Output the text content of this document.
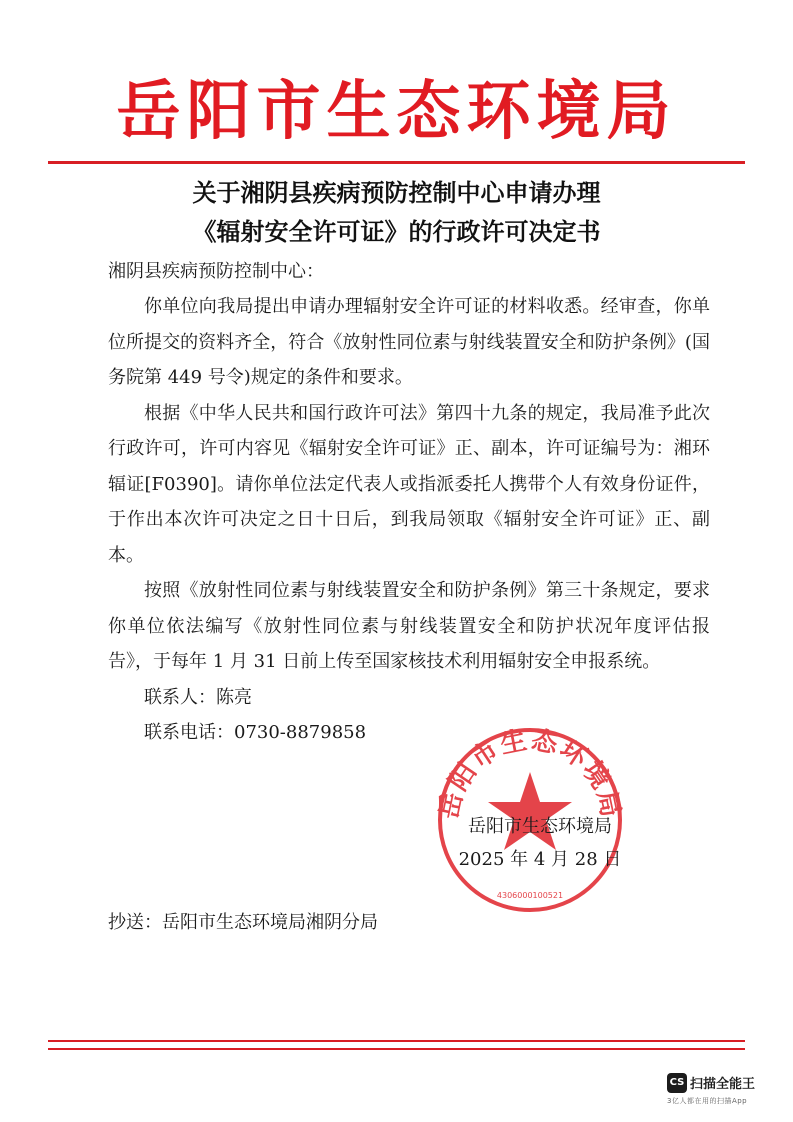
岳阳市生态环境局
关于湘阴县疾病预防控制中心申请办理
《辐射安全许可证》的行政许可决定书
湘阴县疾病预防控制中心：

你单位向我局提出申请办理辐射安全许可证的材料收悉。经审查，你单位所提交的资料齐全，符合《放射性同位素与射线装置安全和防护条例》(国务院第 449 号令)规定的条件和要求。

根据《中华人民共和国行政许可法》第四十九条的规定，我局准予此次行政许可，许可内容见《辐射安全许可证》正、副本，许可证编号为：湘环辐证[F0390]。请你单位法定代表人或指派委托人携带个人有效身份证件，于作出本次许可决定之日十日后，到我局领取《辐射安全许可证》正、副本。

按照《放射性同位素与射线装置安全和防护条例》第三十条规定，要求你单位依法编写《放射性同位素与射线装置安全和防护状况年度评估报告》，于每年 1 月 31 日前上传至国家核技术利用辐射安全申报系统。

联系人：陈亮

联系电话：0730-8879858

岳阳市生态环境局
4306000100521
岳阳市生态环境局
2025 年 4 月 28 日
抄送：岳阳市生态环境局湘阴分局
CS 扫描全能王
3亿人都在用的扫描App
